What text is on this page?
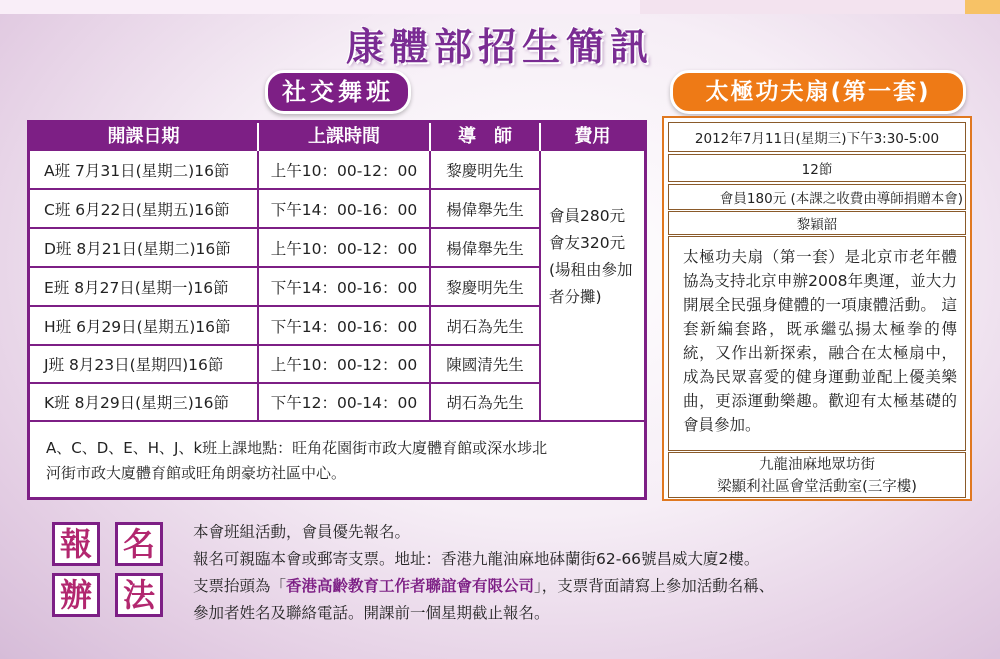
康體部招生簡訊
社交舞班	太極功夫扇(第一套)
開課日期	上課時間	導　師	費用
A班 7月31日(星期二)16節	上午10：00-12：00	黎慶明先生
C班 6月22日(星期五)16節	下午14：00-16：00	楊偉舉先生
D班 8月21日(星期二)16節	上午10：00-12：00	楊偉舉先生
E班 8月27日(星期一)16節	下午14：00-16：00	黎慶明先生
H班 6月29日(星期五)16節	下午14：00-16：00	胡石為先生
J班 8月23日(星期四)16節	上午10：00-12：00	陳國清先生
K班 8月29日(星期三)16節	下午12：00-14：00	胡石為先生
會員280元
會友320元
(場租由參加
者分攤)
A、C、D、E、H、J、k班上課地點：旺角花園街市政大廈體育館或深水埗北
河街市政大廈體育館或旺角朗豪坊社區中心。
2012年7月11日(星期三)下午3:30-5:00
12節
會員180元 (本課之收費由導師捐贈本會)
黎穎韶
太極功夫扇（第一套）是北京市老年體協為支持北京申辦2008年奧運，並大力開展全民强身健體的一項康體活動。 這套新編套路，既承繼弘揚太極拳的傳統，又作出新探索，融合在太極扇中， 成為民眾喜愛的健身運動並配上優美樂曲，更添運動樂趣。歡迎有太極基礎的會員參加。
九龍油麻地眾坊街
梁顯利社區會堂活動室(三字樓)
報 名
辦 法
本會班組活動，會員優先報名。
報名可親臨本會或郵寄支票。地址：香港九龍油麻地砵蘭街62-66號昌威大廈2樓。
支票抬頭為「香港高齡教育工作者聯誼會有限公司」，支票背面請寫上參加活動名稱、
參加者姓名及聯絡電話。開課前一個星期截止報名。
